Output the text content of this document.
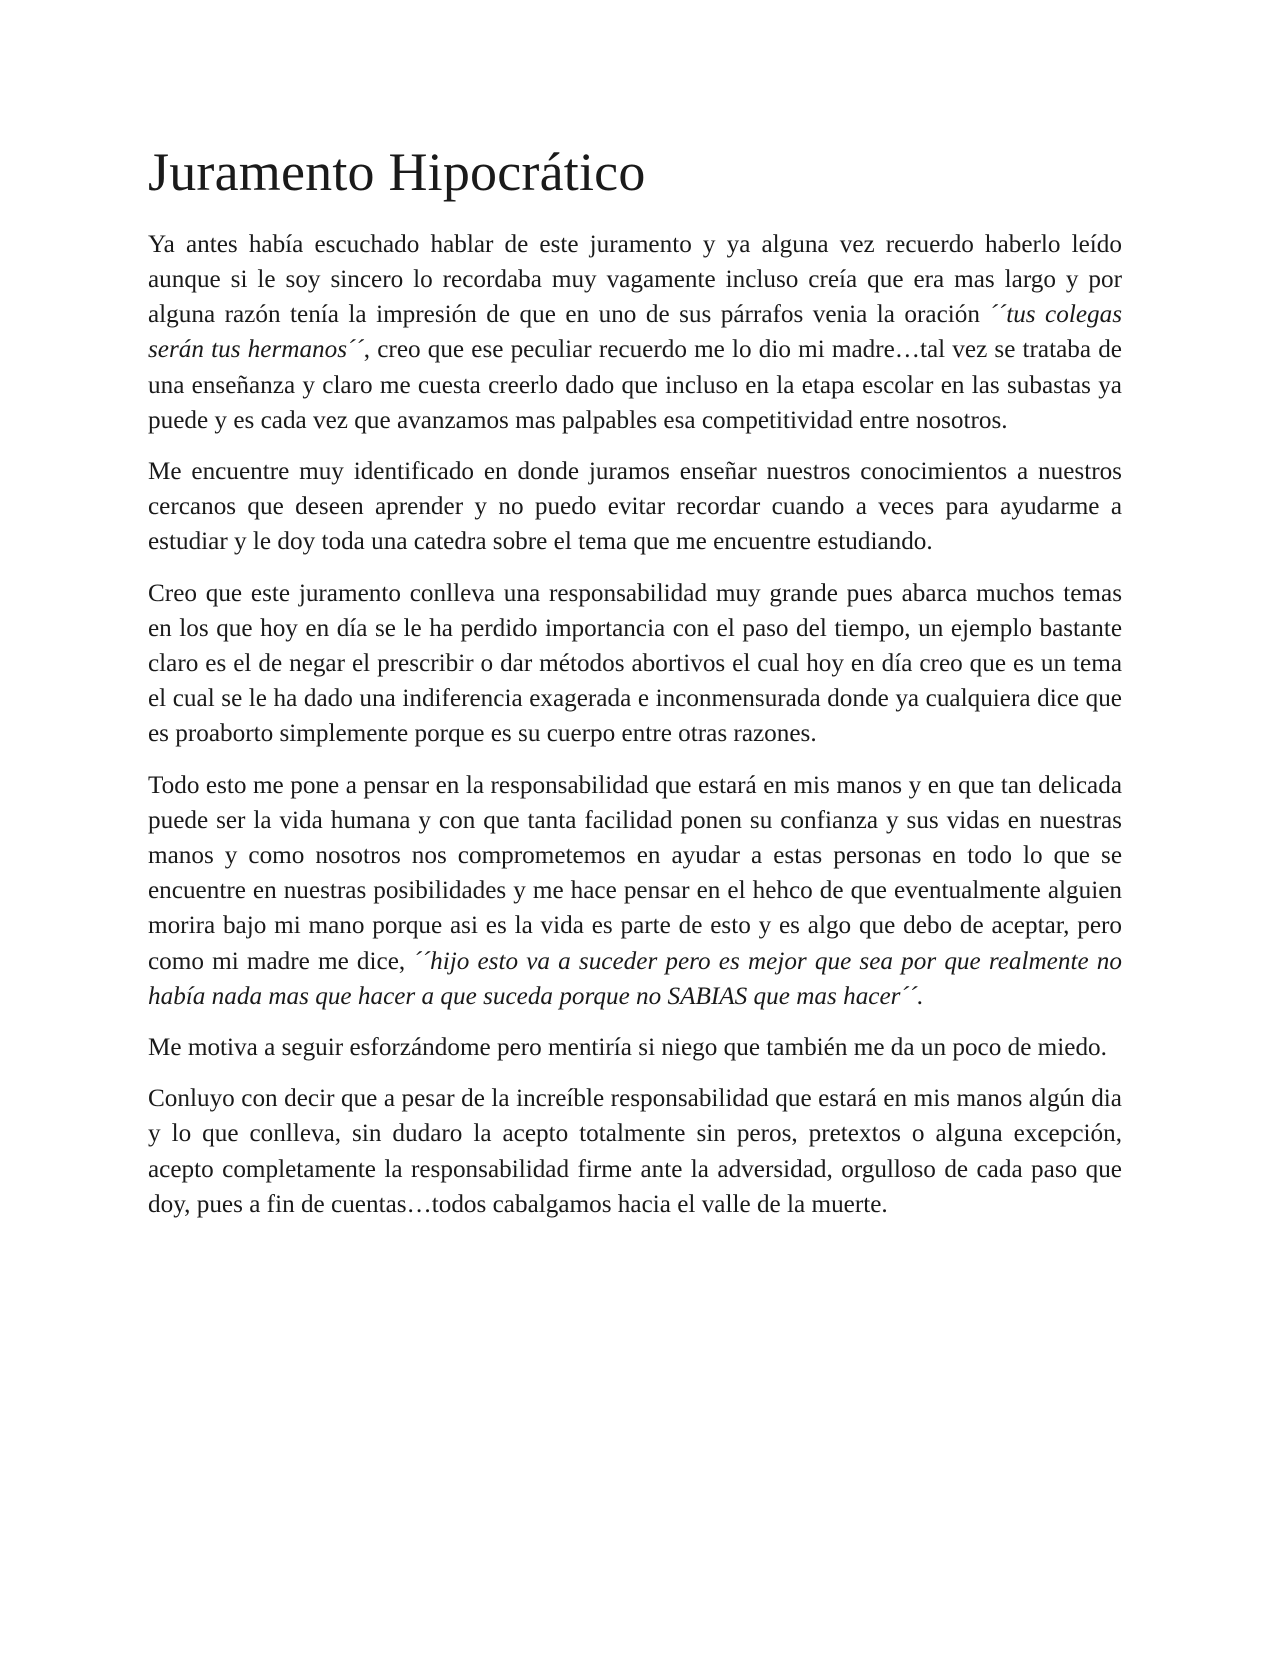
Juramento Hipocrático

Ya antes había escuchado hablar de este juramento y ya alguna vez recuerdo haberlo leído aunque si le soy sincero lo recordaba muy vagamente incluso creía que era mas largo y por alguna razón tenía la impresión de que en uno de sus párrafos venia la oración ´´tus colegas serán tus hermanos´´, creo que ese peculiar recuerdo me lo dio mi madre…tal vez se trataba de una enseñanza y claro me cuesta creerlo dado que incluso en la etapa escolar en las subastas ya puede y es cada vez que avanzamos mas palpables esa competitividad entre nosotros.

Me encuentre muy identificado en donde juramos enseñar nuestros conocimientos a nuestros cercanos que deseen aprender y no puedo evitar recordar cuando a veces para ayudarme a estudiar y le doy toda una catedra sobre el tema que me encuentre estudiando.

Creo que este juramento conlleva una responsabilidad muy grande pues abarca muchos temas en los que hoy en día se le ha perdido importancia con el paso del tiempo, un ejemplo bastante claro es el de negar el prescribir o dar métodos abortivos el cual hoy en día creo que es un tema el cual se le ha dado una indiferencia exagerada e inconmensurada donde ya cualquiera dice que es proaborto simplemente porque es su cuerpo entre otras razones.

Todo esto me pone a pensar en la responsabilidad que estará en mis manos y en que tan delicada puede ser la vida humana y con que tanta facilidad ponen su confianza y sus vidas en nuestras manos y como nosotros nos comprometemos en ayudar a estas personas en todo lo que se encuentre en nuestras posibilidades y me hace pensar en el hehco de que eventualmente alguien morira bajo mi mano porque asi es la vida es parte de esto y es algo que debo de aceptar, pero como mi madre me dice, ´´hijo esto va a suceder pero es mejor que sea por que realmente no había nada mas que hacer a que suceda porque no SABIAS que mas hacer´´.

Me motiva a seguir esforzándome pero mentiría si niego que también me da un poco de miedo.

Conluyo con decir que a pesar de la increíble responsabilidad que estará en mis manos algún dia y lo que conlleva, sin dudaro la acepto totalmente sin peros, pretextos o alguna excepción, acepto completamente la responsabilidad firme ante la adversidad, orgulloso de cada paso que doy, pues a fin de cuentas…todos cabalgamos hacia el valle de la muerte.
